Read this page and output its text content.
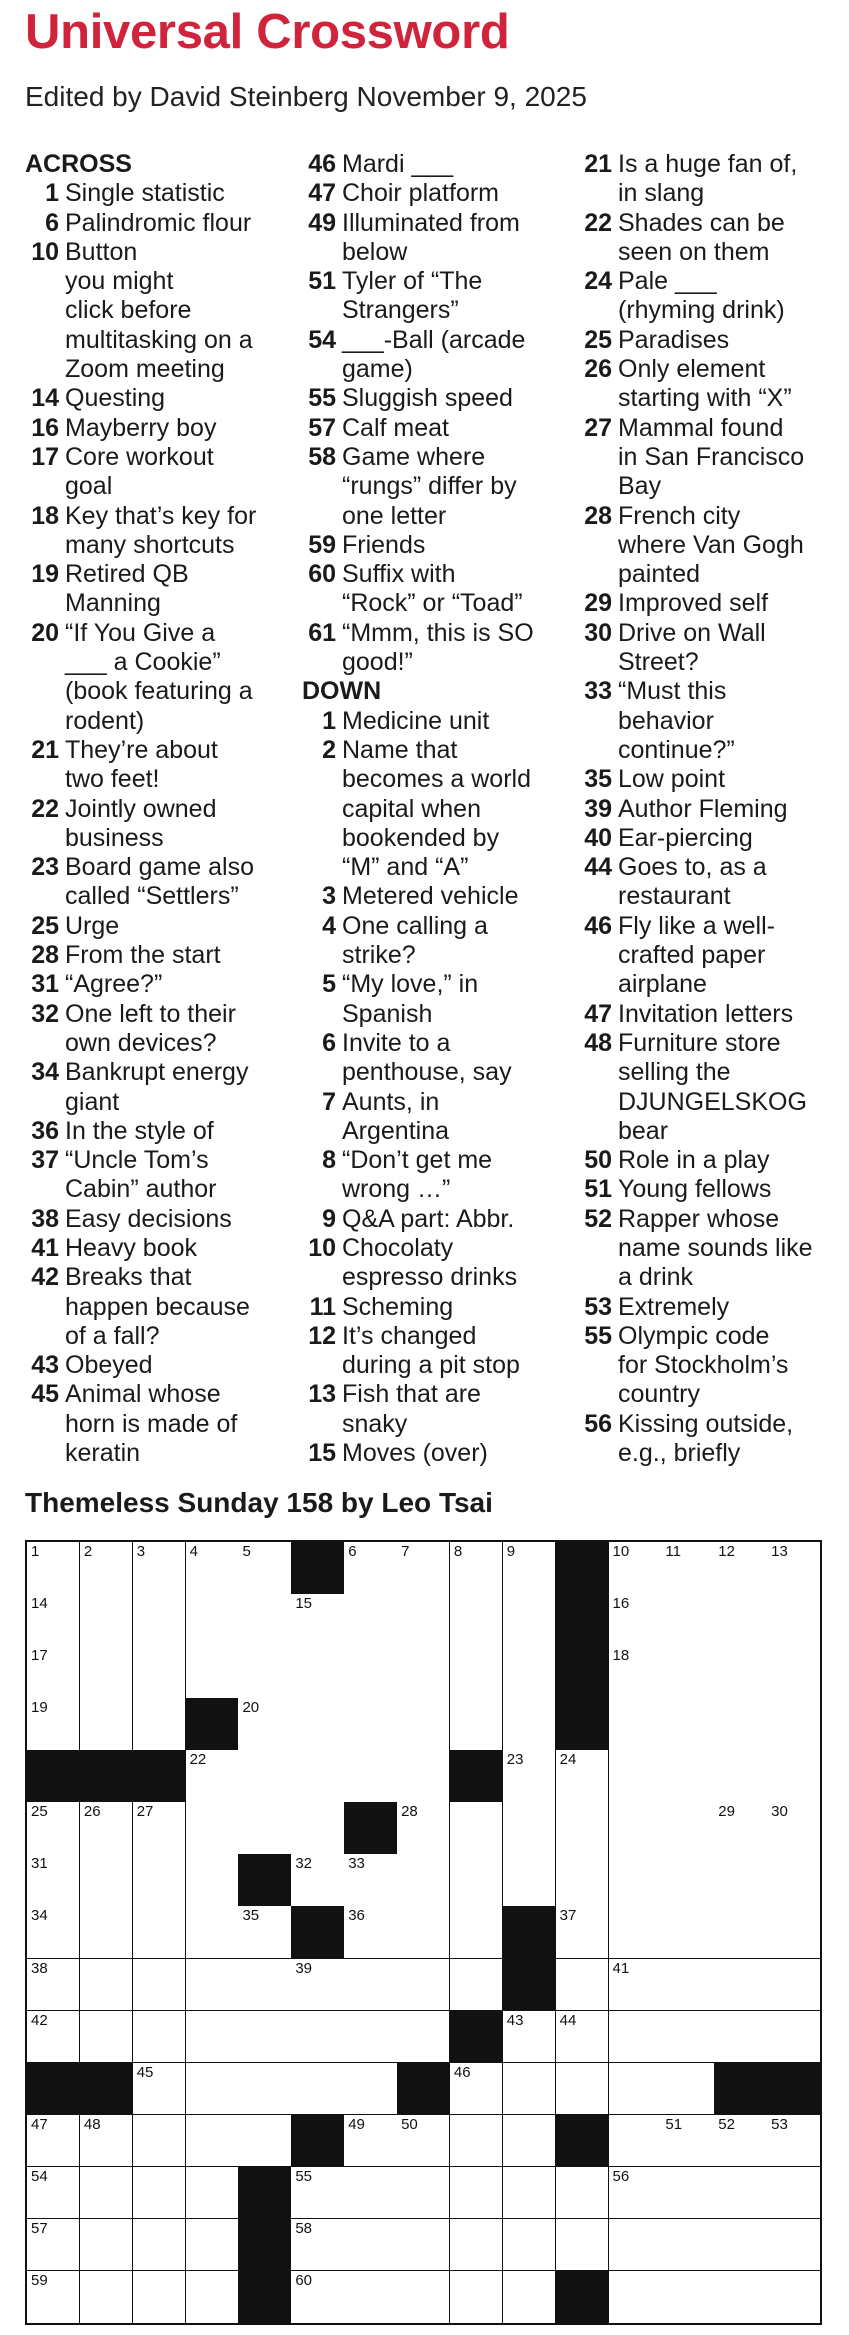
Universal Crossword
Edited by David Steinberg November 9, 2025
ACROSS
1 Single statistic
6 Palindromic flour
10 Button
you might
click before
multitasking on a
Zoom meeting
14 Questing
16 Mayberry boy
17 Core workout
goal
18 Key that’s key for
many shortcuts
19 Retired QB
Manning
20 “If You Give a
___ a Cookie”
(book featuring a
rodent)
21 They’re about
two feet!
22 Jointly owned
business
23 Board game also
called “Settlers”
25 Urge
28 From the start
31 “Agree?”
32 One left to their
own devices?
34 Bankrupt energy
giant
36 In the style of
37 “Uncle Tom’s
Cabin” author
38 Easy decisions
41 Heavy book
42 Breaks that
happen because
of a fall?
43 Obeyed
45 Animal whose
horn is made of
keratin
46 Mardi ___
47 Choir platform
49 Illuminated from
below
51 Tyler of “The
Strangers”
54 ___-Ball (arcade
game)
55 Sluggish speed
57 Calf meat
58 Game where
“rungs” differ by
one letter
59 Friends
60 Suffix with
“Rock” or “Toad”
61 “Mmm, this is SO
good!”
DOWN
1 Medicine unit
2 Name that
becomes a world
capital when
bookended by
“M” and “A”
3 Metered vehicle
4 One calling a
strike?
5 “My love,” in
Spanish
6 Invite to a
penthouse, say
7 Aunts, in
Argentina
8 “Don’t get me
wrong …”
9 Q&A part: Abbr.
10 Chocolaty
espresso drinks
11 Scheming
12 It’s changed
during a pit stop
13 Fish that are
snaky
15 Moves (over)
21 Is a huge fan of,
in slang
22 Shades can be
seen on them
24 Pale ___
(rhyming drink)
25 Paradises
26 Only element
starting with “X”
27 Mammal found
in San Francisco
Bay
28 French city
where Van Gogh
painted
29 Improved self
30 Drive on Wall
Street?
33 “Must this
behavior
continue?”
35 Low point
39 Author Fleming
40 Ear-piercing
44 Goes to, as a
restaurant
46 Fly like a well-
crafted paper
airplane
47 Invitation letters
48 Furniture store
selling the
DJUNGELSKOG
bear
50 Role in a play
51 Young fellows
52 Rapper whose
name sounds like
a drink
53 Extremely
55 Olympic code
for Stockholm’s
country
56 Kissing outside,
e.g., briefly
Themeless Sunday 158 by Leo Tsai
1	2	3	4	5	6	7	8	9	10 11 12 13
14	15	16
17	18
19	20
22	23 24
25 26 27	28	29 30
31	32 33
34	35	36	37
38	39	41
42	43 44
45	46
47 48	49 50	51 52 53
54	55	56
57	58
59	60
